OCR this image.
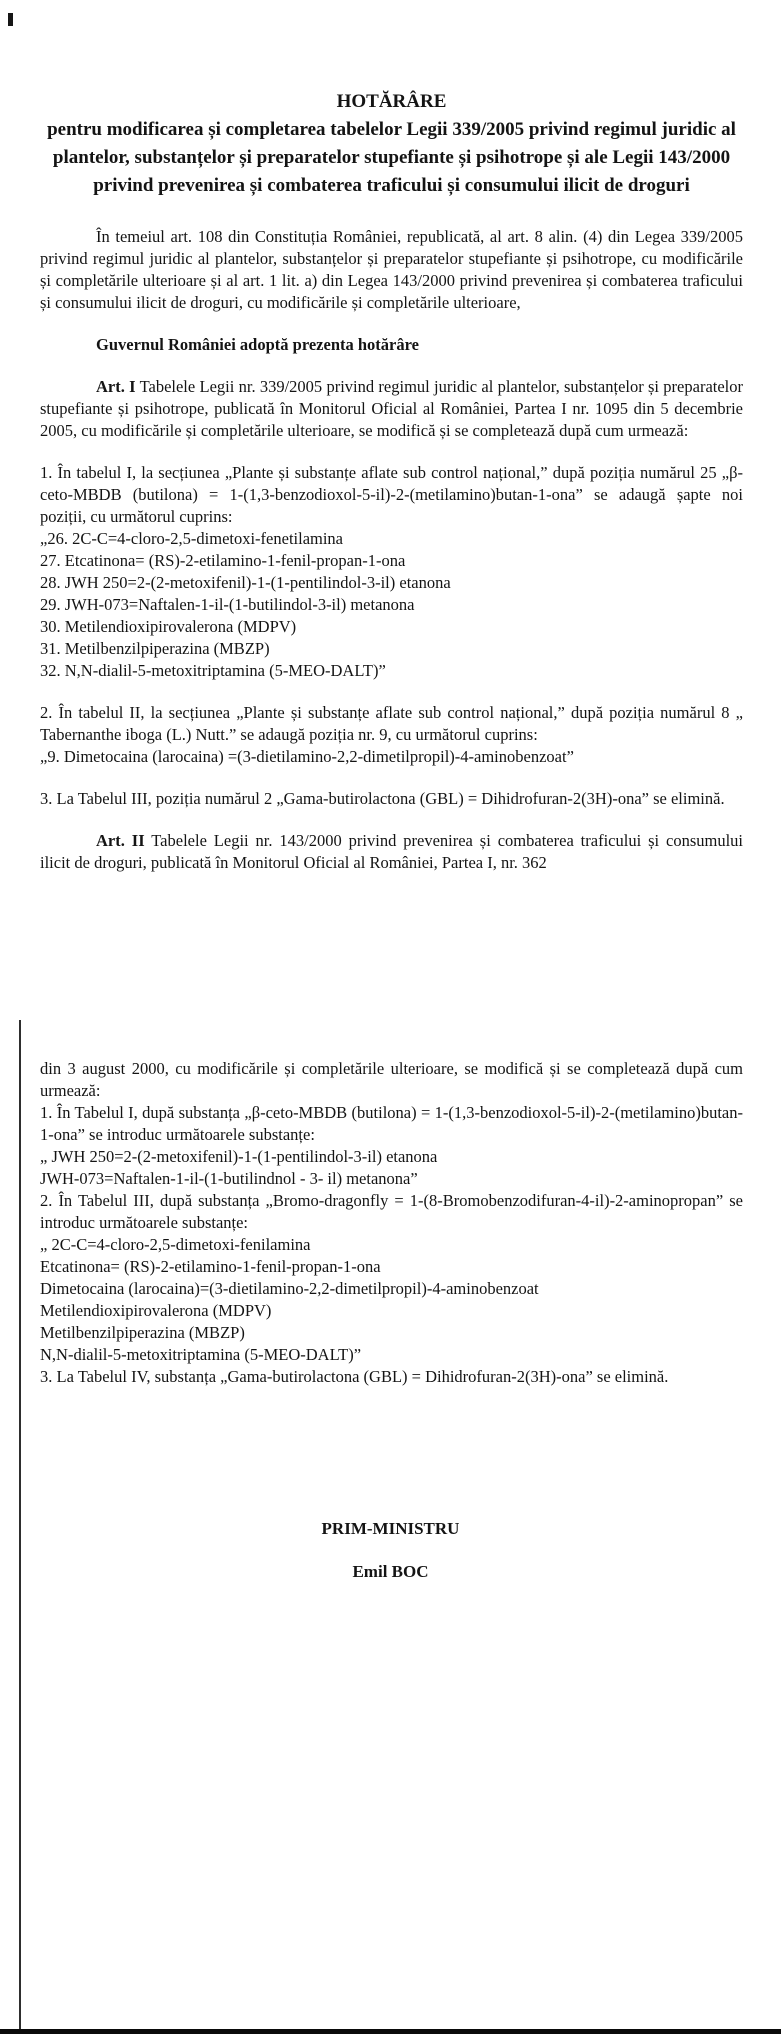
HOTĂRÂRE
pentru modificarea și completarea tabelelor Legii 339/2005 privind regimul juridic al plantelor, substanțelor și preparatelor stupefiante și psihotrope și ale Legii 143/2000 privind prevenirea și combaterea traficului și consumului ilicit de droguri
În temeiul art. 108 din Constituția României, republicată, al art. 8 alin. (4) din Legea 339/2005 privind regimul juridic al plantelor, substanțelor și preparatelor stupefiante și psihotrope, cu modificările și completările ulterioare și al art. 1 lit. a) din Legea 143/2000 privind prevenirea și combaterea traficului și consumului ilicit de droguri, cu modificările și completările ulterioare,
Guvernul României adoptă prezenta hotărâre
Art. I Tabelele Legii nr. 339/2005 privind regimul juridic al plantelor, substanțelor și preparatelor stupefiante și psihotrope, publicată în Monitorul Oficial al României, Partea I nr. 1095 din 5 decembrie 2005, cu modificările și completările ulterioare, se modifică și se completează după cum urmează:
1. În tabelul I, la secțiunea „Plante și substanțe aflate sub control național,” după poziția numărul 25 „β-ceto-MBDB (butilona) = 1-(1,3-benzodioxol-5-il)-2-(metilamino)butan-1-ona” se adaugă șapte noi poziții, cu următorul cuprins:
„26. 2C-C=4-cloro-2,5-dimetoxi-fenetilamina
27. Etcatinona= (RS)-2-etilamino-1-fenil-propan-1-ona
28. JWH 250=2-(2-metoxifenil)-1-(1-pentilindol-3-il) etanona
29. JWH-073=Naftalen-1-il-(1-butilindol-3-il) metanona
30. Metilendioxipirovalerona (MDPV)
31. Metilbenzilpiperazina (MBZP)
32. N,N-dialil-5-metoxitriptamina (5-MEO-DALT)”
2. În tabelul II, la secțiunea „Plante și substanțe aflate sub control național,” după poziția numărul 8 „ Tabernanthe iboga (L.) Nutt.” se adaugă poziția nr. 9, cu următorul cuprins:
„9. Dimetocaina (larocaina) =(3-dietilamino-2,2-dimetilpropil)-4-aminobenzoat”
3. La Tabelul III, poziția numărul 2 „Gama-butirolactona (GBL) = Dihidrofuran-2(3H)-ona” se elimină.
Art. II Tabelele Legii nr. 143/2000 privind prevenirea și combaterea traficului și consumului ilicit de droguri, publicată în Monitorul Oficial al României, Partea I, nr. 362
din 3 august 2000, cu modificările și completările ulterioare, se modifică și se completează după cum urmează:
1. În Tabelul I, după substanța „β-ceto-MBDB (butilona) = 1-(1,3-benzodioxol-5-il)-2-(metilamino)butan-1-ona” se introduc următoarele substanțe:
„ JWH 250=2-(2-metoxifenil)-1-(1-pentilindol-3-il) etanona
JWH-073=Naftalen-1-il-(1-butilindnol - 3- il) metanona”
2. În Tabelul III, după substanța „Bromo-dragonfly = 1-(8-Bromobenzodifuran-4-il)-2-aminopropan” se introduc următoarele substanțe:
„ 2C-C=4-cloro-2,5-dimetoxi-fenilamina
Etcatinona= (RS)-2-etilamino-1-fenil-propan-1-ona
Dimetocaina (larocaina)=(3-dietilamino-2,2-dimetilpropil)-4-aminobenzoat
Metilendioxipirovalerona (MDPV)
Metilbenzilpiperazina (MBZP)
N,N-dialil-5-metoxitriptamina (5-MEO-DALT)”
3. La Tabelul IV, substanța „Gama-butirolactona (GBL) = Dihidrofuran-2(3H)-ona” se elimină.
PRIM-MINISTRU
Emil BOC
